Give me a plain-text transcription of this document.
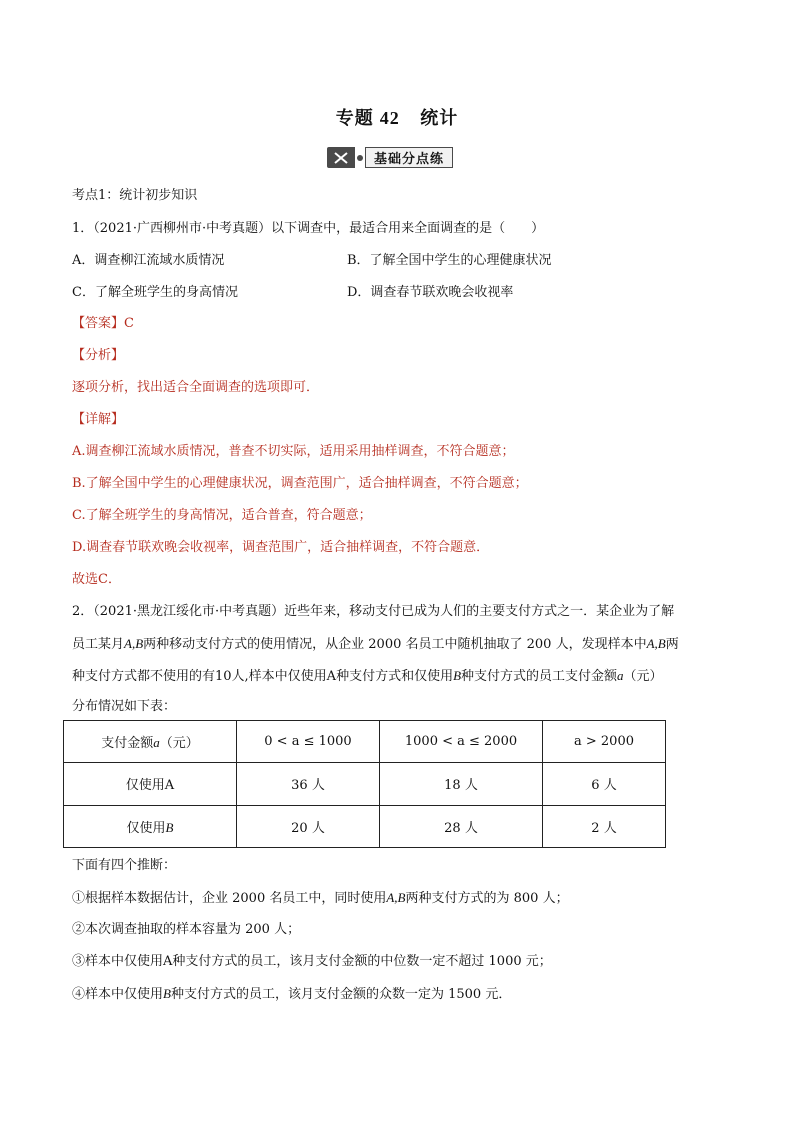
专题 42 统计
基础分点练
考点1：统计初步知识
1．（2021·广西柳州市·中考真题）以下调查中，最适合用来全面调查的是（　　）
A．调查柳江流域水质情况	B．了解全国中学生的心理健康状况
C．了解全班学生的身高情况	D．调查春节联欢晚会收视率
【答案】C
【分析】
逐项分析，找出适合全面调查的选项即可．
【详解】
A.调查柳江流域水质情况，普查不切实际，适用采用抽样调查，不符合题意；
B.了解全国中学生的心理健康状况，调查范围广，适合抽样调查，不符合题意；
C.了解全班学生的身高情况，适合普查，符合题意；
D.调查春节联欢晚会收视率，调查范围广，适合抽样调查，不符合题意．
故选C．
2．（2021·黑龙江绥化市·中考真题）近些年来，移动支付已成为人们的主要支付方式之一．某企业为了解
员工某月A,B两种移动支付方式的使用情况，从企业 2000 名员工中随机抽取了 200 人，发现样本中A,B两
种支付方式都不使用的有10人,样本中仅使用A种支付方式和仅使用B种支付方式的员工支付金额a（元）
分布情况如下表：
支付金额a（元）	0 < a ≤ 1000	1000 < a ≤ 2000	a > 2000
仅使用A	36 人	18 人	6 人
仅使用B	20 人	28 人	2 人
下面有四个推断：
①根据样本数据估计，企业 2000 名员工中，同时使用A,B两种支付方式的为 800 人；
②本次调查抽取的样本容量为 200 人；
③样本中仅使用A种支付方式的员工，该月支付金额的中位数一定不超过 1000 元；
④样本中仅使用B种支付方式的员工，该月支付金额的众数一定为 1500 元．
